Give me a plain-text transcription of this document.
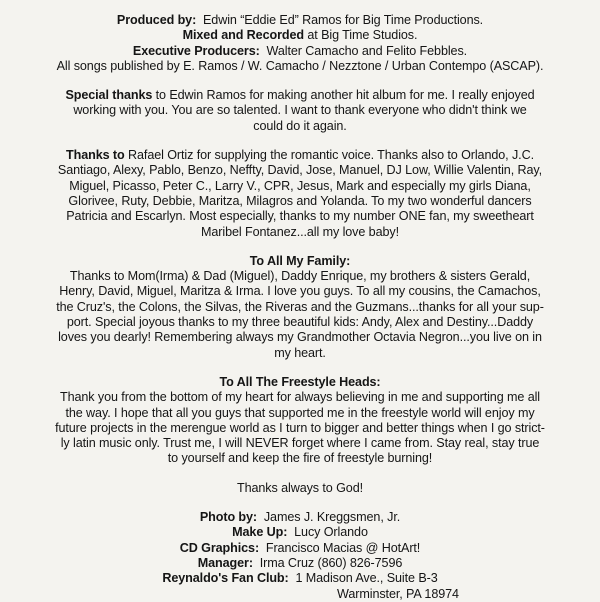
Produced by: Edwin “Eddie Ed” Ramos for Big Time Productions.
Mixed and Recorded at Big Time Studios.
Executive Producers: Walter Camacho and Felito Febbles.
All songs published by E. Ramos / W. Camacho / Nezztone / Urban Contempo (ASCAP).
Special thanks to Edwin Ramos for making another hit album for me. I really enjoyed
working with you. You are so talented. I want to thank everyone who didn't think we
could do it again.
Thanks to Rafael Ortiz for supplying the romantic voice. Thanks also to Orlando, J.C.
Santiago, Alexy, Pablo, Benzo, Neffty, David, Jose, Manuel, DJ Low, Willie Valentin, Ray,
Miguel, Picasso, Peter C., Larry V., CPR, Jesus, Mark and especially my girls Diana,
Glorivee, Ruty, Debbie, Maritza, Milagros and Yolanda. To my two wonderful dancers
Patricia and Escarlyn. Most especially, thanks to my number ONE fan, my sweetheart
Maribel Fontanez...all my love baby!
To All My Family:
Thanks to Mom(Irma) & Dad (Miguel), Daddy Enrique, my brothers & sisters Gerald,
Henry, David, Miguel, Maritza & Irma. I love you guys. To all my cousins, the Camachos,
the Cruz's, the Colons, the Silvas, the Riveras and the Guzmans...thanks for all your sup-
port. Special joyous thanks to my three beautiful kids: Andy, Alex and Destiny...Daddy
loves you dearly! Remembering always my Grandmother Octavia Negron...you live on in
my heart.
To All The Freestyle Heads:
Thank you from the bottom of my heart for always believing in me and supporting me all
the way. I hope that all you guys that supported me in the freestyle world will enjoy my
future projects in the merengue world as I turn to bigger and better things when I go strict-
ly latin music only. Trust me, I will NEVER forget where I came from. Stay real, stay true
to yourself and keep the fire of freestyle burning!
Thanks always to God!
Photo by: James J. Kreggsmen, Jr.
Make Up: Lucy Orlando
CD Graphics: Francisco Macias @ HotArt!
Manager: Irma Cruz (860) 826-7596
Reynaldo's Fan Club: 1 Madison Ave., Suite B-3
Warminster, PA 18974
